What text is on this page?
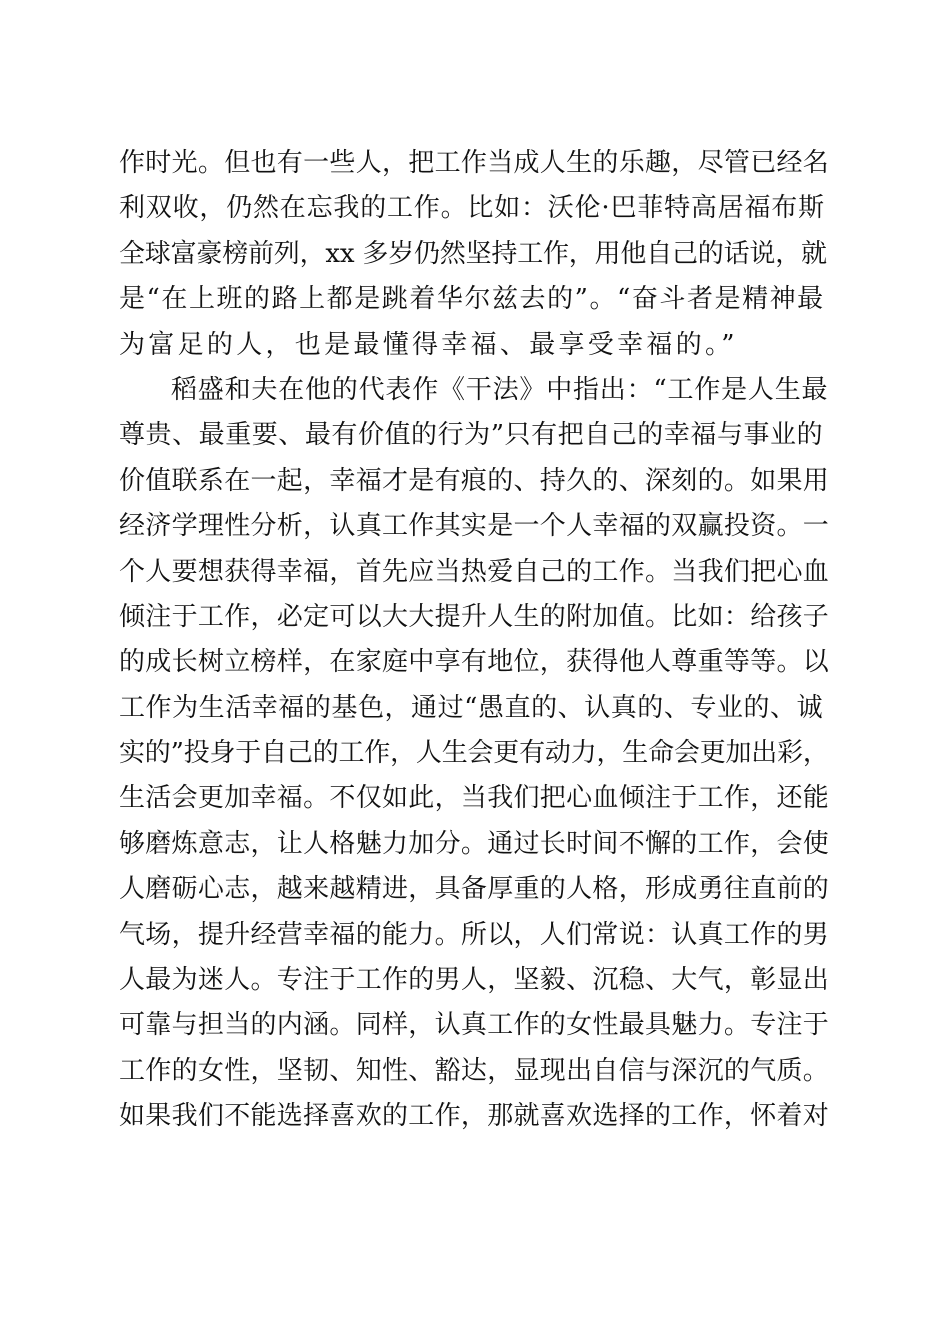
作时光。但也有一些人，把工作当成人生的乐趣，尽管已经名
利双收，仍然在忘我的工作。比如：沃伦·巴菲特高居福布斯
全球富豪榜前列，xx 多岁仍然坚持工作，用他自己的话说，就
是“在上班的路上都是跳着华尔兹去的”。“奋斗者是精神最
为富足的人，也是最懂得幸福、最享受幸福的。”
稻盛和夫在他的代表作《干法》中指出：“工作是人生最
尊贵、最重要、最有价值的行为”只有把自己的幸福与事业的
价值联系在一起，幸福才是有痕的、持久的、深刻的。如果用
经济学理性分析，认真工作其实是一个人幸福的双赢投资。一
个人要想获得幸福，首先应当热爱自己的工作。当我们把心血
倾注于工作，必定可以大大提升人生的附加值。比如：给孩子
的成长树立榜样，在家庭中享有地位，获得他人尊重等等。以
工作为生活幸福的基色，通过“愚直的、认真的、专业的、诚
实的”投身于自己的工作，人生会更有动力，生命会更加出彩，
生活会更加幸福。不仅如此，当我们把心血倾注于工作，还能
够磨炼意志，让人格魅力加分。通过长时间不懈的工作，会使
人磨砺心志，越来越精进，具备厚重的人格，形成勇往直前的
气场，提升经营幸福的能力。所以，人们常说：认真工作的男
人最为迷人。专注于工作的男人，坚毅、沉稳、大气，彰显出
可靠与担当的内涵。同样，认真工作的女性最具魅力。专注于
工作的女性，坚韧、知性、豁达，显现出自信与深沉的气质。
如果我们不能选择喜欢的工作，那就喜欢选择的工作，怀着对
